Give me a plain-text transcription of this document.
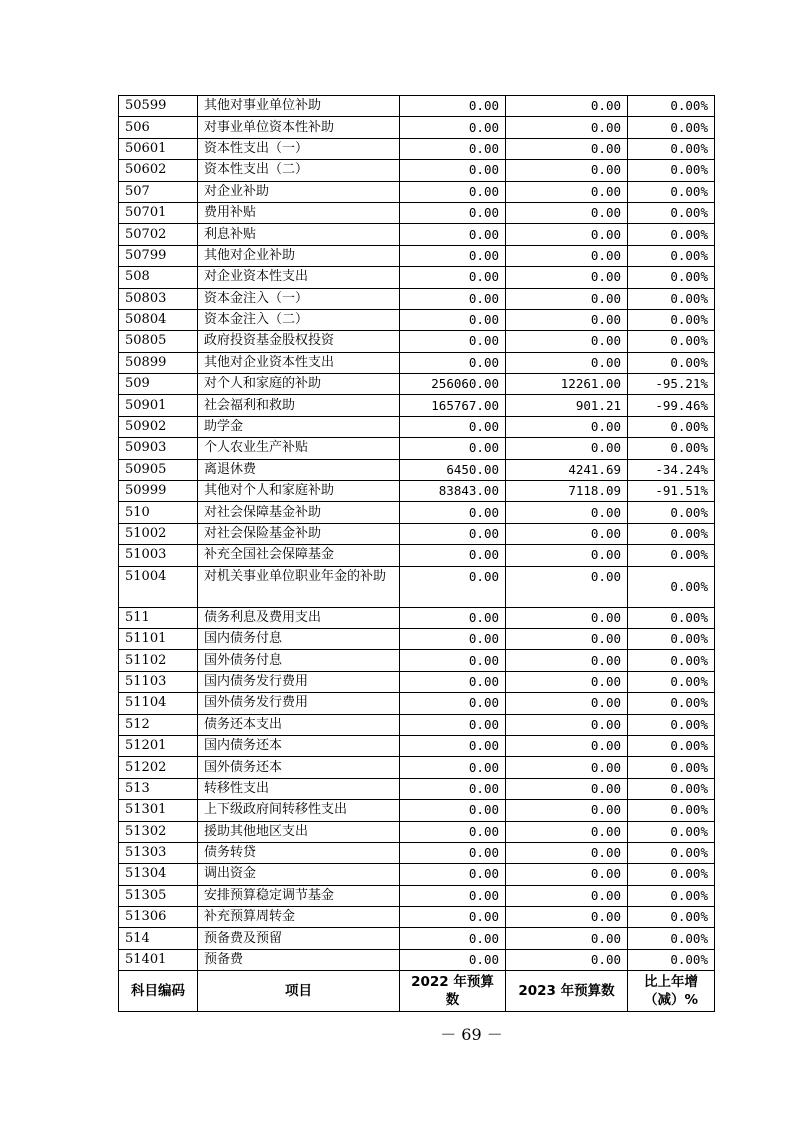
50599	其他对事业单位补助	0.00	0.00	0.00%
506	对事业单位资本性补助	0.00	0.00	0.00%
50601	资本性支出（一）	0.00	0.00	0.00%
50602	资本性支出（二）	0.00	0.00	0.00%
507	对企业补助	0.00	0.00	0.00%
50701	费用补贴	0.00	0.00	0.00%
50702	利息补贴	0.00	0.00	0.00%
50799	其他对企业补助	0.00	0.00	0.00%
508	对企业资本性支出	0.00	0.00	0.00%
50803	资本金注入（一）	0.00	0.00	0.00%
50804	资本金注入（二）	0.00	0.00	0.00%
50805	政府投资基金股权投资	0.00	0.00	0.00%
50899	其他对企业资本性支出	0.00	0.00	0.00%
509	对个人和家庭的补助	256060.00	12261.00	-95.21%
50901	社会福利和救助	165767.00	901.21	-99.46%
50902	助学金	0.00	0.00	0.00%
50903	个人农业生产补贴	0.00	0.00	0.00%
50905	离退休费	6450.00	4241.69	-34.24%
50999	其他对个人和家庭补助	83843.00	7118.09	-91.51%
510	对社会保障基金补助	0.00	0.00	0.00%
51002	对社会保险基金补助	0.00	0.00	0.00%
51003	补充全国社会保障基金	0.00	0.00	0.00%
51004	对机关事业单位职业年金的补助	0.00	0.00	0.00%
511	债务利息及费用支出	0.00	0.00	0.00%
51101	国内债务付息	0.00	0.00	0.00%
51102	国外债务付息	0.00	0.00	0.00%
51103	国内债务发行费用	0.00	0.00	0.00%
51104	国外债务发行费用	0.00	0.00	0.00%
512	债务还本支出	0.00	0.00	0.00%
51201	国内债务还本	0.00	0.00	0.00%
51202	国外债务还本	0.00	0.00	0.00%
513	转移性支出	0.00	0.00	0.00%
51301	上下级政府间转移性支出	0.00	0.00	0.00%
51302	援助其他地区支出	0.00	0.00	0.00%
51303	债务转贷	0.00	0.00	0.00%
51304	调出资金	0.00	0.00	0.00%
51305	安排预算稳定调节基金	0.00	0.00	0.00%
51306	补充预算周转金	0.00	0.00	0.00%
514	预备费及预留	0.00	0.00	0.00%
51401	预备费	0.00	0.00	0.00%
科目编码	项目	2022 年预算数	2023 年预算数	比上年增（减）%
－ 69 －
